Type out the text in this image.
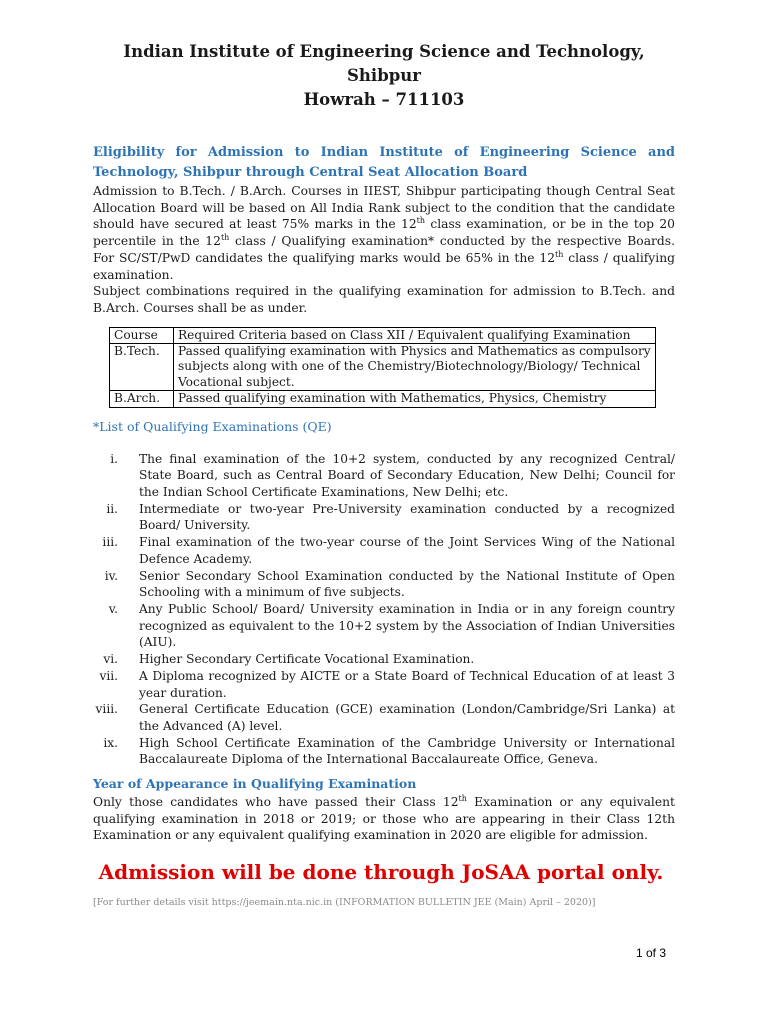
Indian Institute of Engineering Science and Technology, Shibpur
Howrah – 711103
Eligibility for Admission to Indian Institute of Engineering Science and Technology, Shibpur through Central Seat Allocation Board

Admission to B.Tech. / B.Arch. Courses in IIEST, Shibpur participating though Central Seat Allocation Board will be based on All India Rank subject to the condition that the candidate should have secured at least 75% marks in the 12th class examination, or be in the top 20 percentile in the 12th class / Qualifying examination* conducted by the respective Boards. For SC/ST/PwD candidates the qualifying marks would be 65% in the 12th class / qualifying examination.

Subject combinations required in the qualifying examination for admission to B.Tech. and B.Arch. Courses shall be as under.

Course	Required Criteria based on Class XII / Equivalent qualifying Examination
B.Tech.	Passed qualifying examination with Physics and Mathematics as compulsory subjects along with one of the Chemistry/Biotechnology/Biology/ Technical Vocational subject.
B.Arch.	Passed qualifying examination with Mathematics, Physics, Chemistry
*List of Qualifying Examinations (QE)
i. The final examination of the 10+2 system, conducted by any recognized Central/ State Board, such as Central Board of Secondary Education, New Delhi; Council for the Indian School Certificate Examinations, New Delhi; etc.
ii. Intermediate or two-year Pre-University examination conducted by a recognized Board/ University.
iii. Final examination of the two-year course of the Joint Services Wing of the National Defence Academy.
iv. Senior Secondary School Examination conducted by the National Institute of Open Schooling with a minimum of five subjects.
v. Any Public School/ Board/ University examination in India or in any foreign country recognized as equivalent to the 10+2 system by the Association of Indian Universities (AIU).
vi. Higher Secondary Certificate Vocational Examination.
vii. A Diploma recognized by AICTE or a State Board of Technical Education of at least 3 year duration.
viii. General Certificate Education (GCE) examination (London/Cambridge/Sri Lanka) at the Advanced (A) level.
ix. High School Certificate Examination of the Cambridge University or International Baccalaureate Diploma of the International Baccalaureate Office, Geneva.
Year of Appearance in Qualifying Examination

Only those candidates who have passed their Class 12th Examination or any equivalent qualifying examination in 2018 or 2019; or those who are appearing in their Class 12th Examination or any equivalent qualifying examination in 2020 are eligible for admission.

Admission will be done through JoSAA portal only.
[For further details visit https://jeemain.nta.nic.in (INFORMATION BULLETIN JEE (Main) April – 2020)]
1 of 3
